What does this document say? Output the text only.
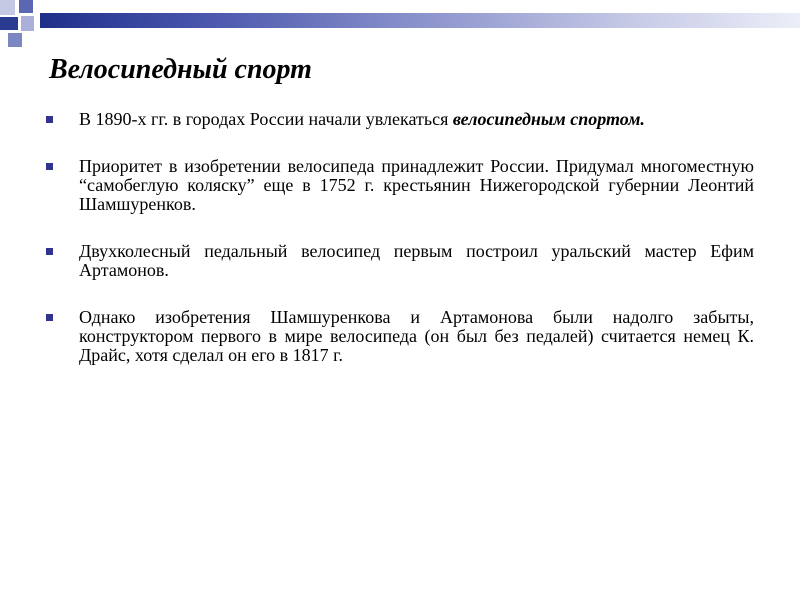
Велосипедный спорт
В 1890-х гг. в городах России начали увлекаться велосипедным спортом.
Приоритет в изобретении велосипеда принадлежит России. Придумал многоместную “самобеглую коляску” еще в 1752 г. крестьянин Нижегородской губернии Леонтий Шамшуренков.
Двухколесный педальный велосипед первым построил уральский мастер Ефим Артамонов.
Однако изобретения Шамшуренкова и Артамонова были надолго забыты, конструктором первого в мире велосипеда (он был без педалей) считается немец К. Драйс, хотя сделал он его в 1817 г.
